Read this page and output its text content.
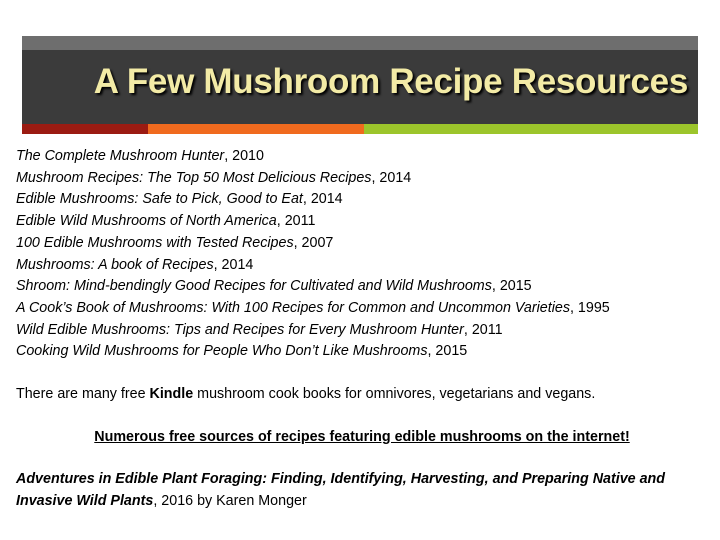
A Few Mushroom Recipe Resources
The Complete Mushroom Hunter, 2010
Mushroom Recipes: The Top 50 Most Delicious Recipes, 2014
Edible Mushrooms: Safe to Pick, Good to Eat, 2014
Edible Wild Mushrooms of North America, 2011
100 Edible Mushrooms with Tested Recipes, 2007
Mushrooms: A book of Recipes, 2014
Shroom: Mind-bendingly Good Recipes for Cultivated and Wild Mushrooms, 2015
A Cook’s Book of Mushrooms: With 100 Recipes for Common and Uncommon Varieties, 1995
Wild Edible Mushrooms: Tips and Recipes for Every Mushroom Hunter, 2011
Cooking Wild Mushrooms for People Who Don’t Like Mushrooms, 2015
There are many free Kindle mushroom cook books for omnivores, vegetarians and vegans.
Numerous free sources of recipes featuring edible mushrooms on the internet!
Adventures in Edible Plant Foraging: Finding, Identifying, Harvesting, and Preparing Native and Invasive Wild Plants, 2016 by Karen Monger
